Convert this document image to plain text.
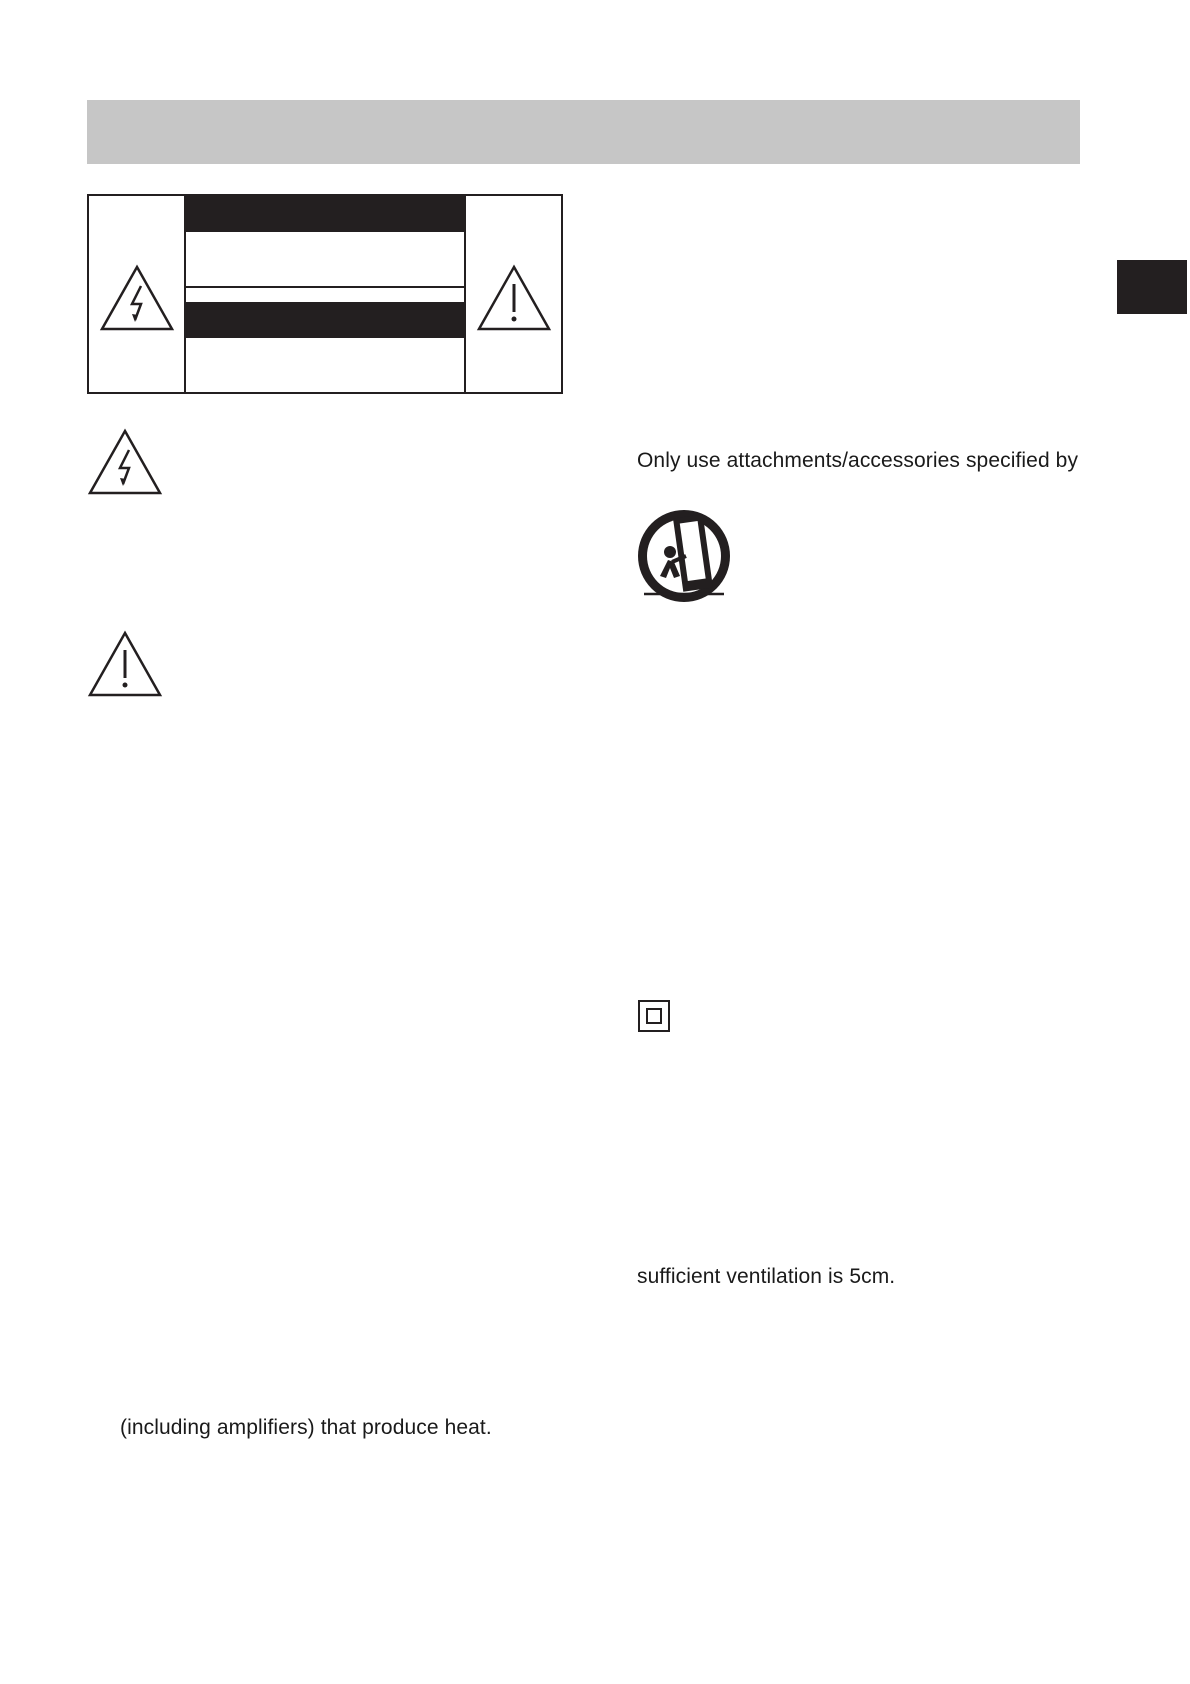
(including amplifiers) that produce heat.
Only use attachments/accessories specified by
sufficient ventilation is 5cm.
